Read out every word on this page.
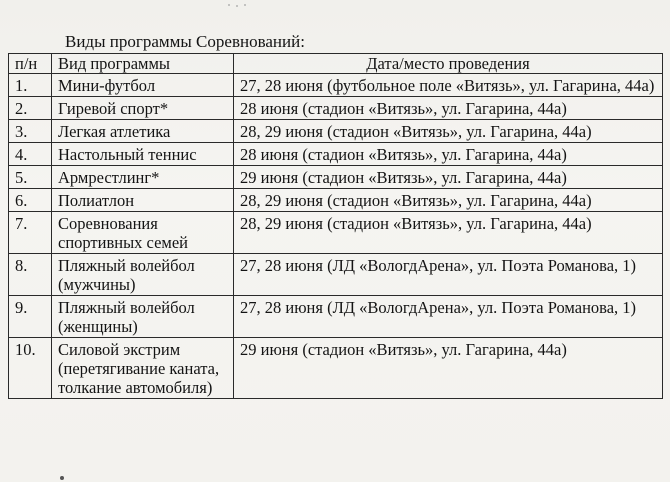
Виды программы Соревнований:
п/н	Вид программы	Дата/место проведения
1.	Мини-футбол	27, 28 июня (футбольное поле «Витязь», ул. Гагарина, 44а)
2.	Гиревой спорт*	28 июня (стадион «Витязь», ул. Гагарина, 44а)
3.	Легкая атлетика	28, 29 июня (стадион «Витязь», ул. Гагарина, 44а)
4.	Настольный теннис	28 июня (стадион «Витязь», ул. Гагарина, 44а)
5.	Армрестлинг*	29 июня (стадион «Витязь», ул. Гагарина, 44а)
6.	Полиатлон	28, 29 июня (стадион «Витязь», ул. Гагарина, 44а)
7.	Соревнования спортивных семей	28, 29 июня (стадион «Витязь», ул. Гагарина, 44а)
8.	Пляжный волейбол (мужчины)	27, 28 июня (ЛД «ВологдАрена», ул. Поэта Романова, 1)
9.	Пляжный волейбол (женщины)	27, 28 июня (ЛД «ВологдАрена», ул. Поэта Романова, 1)
10.	Силовой экстрим (перетягивание каната, толкание автомобиля)	29 июня (стадион «Витязь», ул. Гагарина, 44а)
